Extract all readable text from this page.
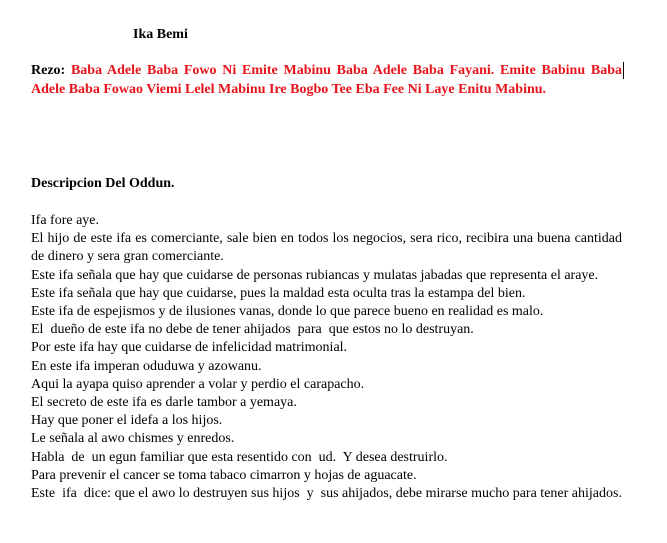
Ika Bemi
Rezo: Baba Adele Baba Fowo Ni Emite Mabinu Baba Adele Baba Fayani. Emite Babinu Baba Adele Baba Fowao Viemi Lelel Mabinu Ire Bogbo Tee Eba Fee Ni Laye Enitu Mabinu.
Descripcion Del Oddun.

Ifa fore aye.

El hijo de este ifa es comerciante, sale bien en todos los negocios, sera rico, recibira una buena cantidad de dinero y sera gran comerciante.

Este ifa señala que hay que cuidarse de personas rubiancas y mulatas jabadas que representa el araye.

Este ifa señala que hay que cuidarse, pues la maldad esta oculta tras la estampa del bien.

Este ifa de espejismos y de ilusiones vanas, donde lo que parece bueno en realidad es malo.

El  dueño de este ifa no debe de tener ahijados  para  que estos no lo destruyan.

Por este ifa hay que cuidarse de infelicidad matrimonial.

En este ifa imperan oduduwa y azowanu.

Aqui la ayapa quiso aprender a volar y perdio el carapacho.

El secreto de este ifa es darle tambor a yemaya.

Hay que poner el idefa a los hijos.

Le señala al awo chismes y enredos.

Habla  de  un egun familiar que esta resentido con  ud.  Y desea destruirlo.

Para prevenir el cancer se toma tabaco cimarron y hojas de aguacate.

Este  ifa  dice: que el awo lo destruyen sus hijos  y  sus ahijados, debe mirarse mucho para tener ahijados.
